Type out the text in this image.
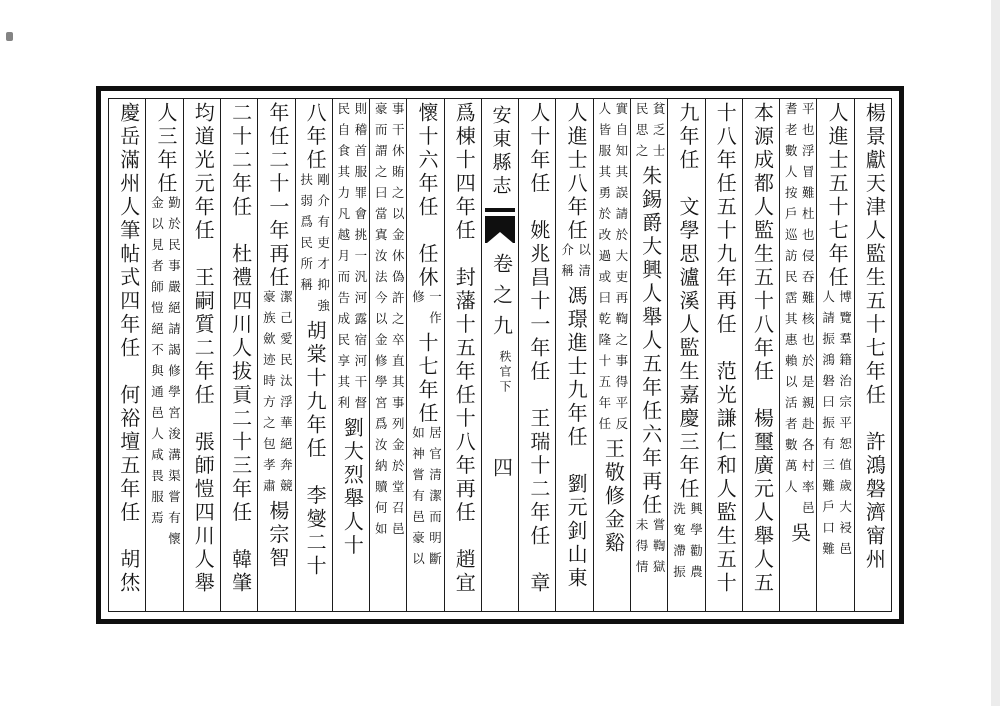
楊景獻天津人監生五十七年任　許鴻磐濟甯州
人進士五十七年任
博覽羣籍治宗平恕值歲大祲邑
人請振鴻磐曰振有三難戶口難
平也浮冒難杜也侵吞難核也於是親赴各村率邑
耆老數人按戶巡訪民霑其惠賴以活者數萬人
吳
本源成都人監生五十八年任　楊璽廣元人舉人五
十八年任五十九年再任　范光謙仁和人監生五十
九年任　文學思瀘溪人監生嘉慶三年任
興學勸農
洗寃滯振
貧乏士
民思之
朱錫爵大興人舉人五年任六年再任
嘗鞫獄
未得情
實自知其誤請於大吏再鞫之事得平反
人皆服其勇於改過或曰乾隆十五年任
王敬修金谿
人進士八年任
以清
介稱
馮璟進士九年任　劉元釗山東
人十年任　姚兆昌十一年任　王瑞十二年任　章
安東縣志
卷之九
秩官下
四
爲棟十四年任　封藩十五年任十八年再任　趙宜
懷十六年任　任休
一作
修
十七年任
居官清潔而明斷
如神嘗有邑豪以
事干休賄之以金休偽許之卒直其事列金於堂召邑
豪而謂之曰當寘汝法今以金修學宮爲汝納贖何如
則稽首服罪會挑一汎河露宿河干督
民自食其力凡越月而告成民享其利
劉大烈舉人十
八年任
剛介有吏才抑強
扶弱爲民所稱
胡棠十九年任　李燮二十
年任二十一年再任
潔己愛民汰浮華絕奔競
豪族歛迹時方之包孝肅
楊宗智
二十二年任　杜禮四川人拔貢二十三年任　韓肇
均道光元年任　王嗣質二年任　張師愷四川人舉
人三年任
勤於民事嚴絕請謁修學宮浚溝渠嘗有懷
金以見者師愷絕不與通邑人咸畏服焉
慶岳滿州人筆帖式四年任　何裕壇五年任　胡烋
